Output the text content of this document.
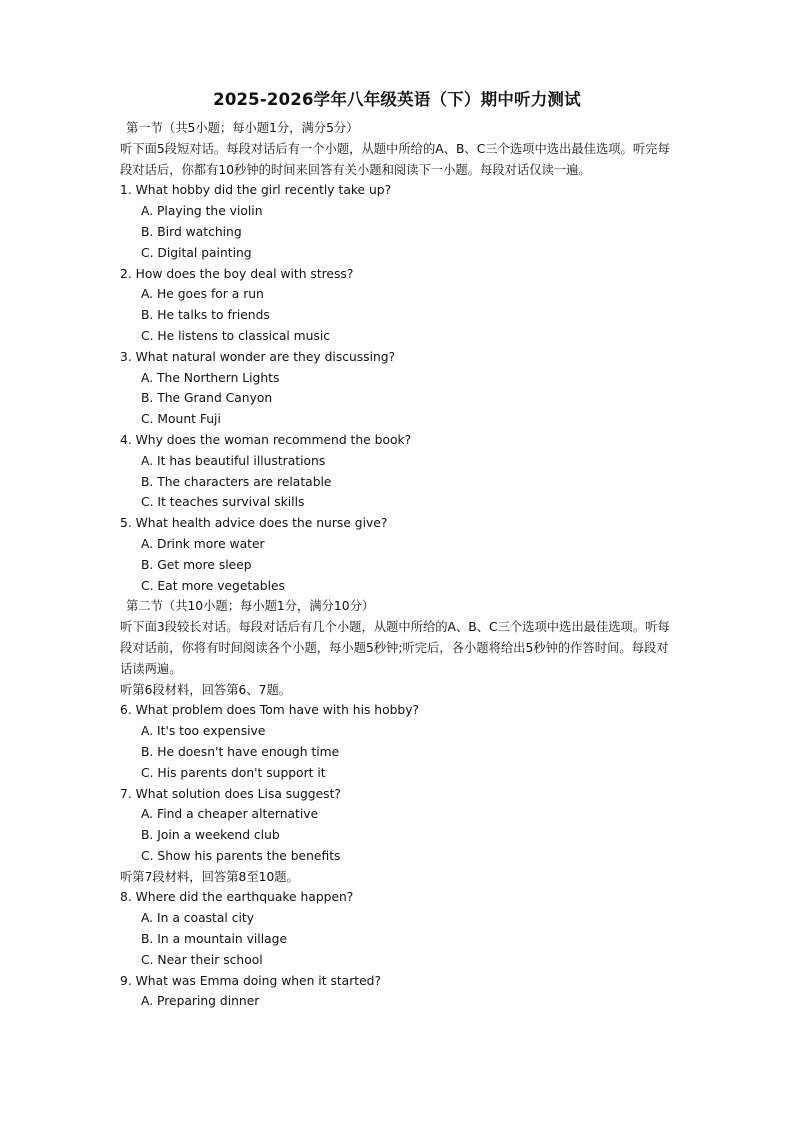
2025-2026学年八年级英语（下）期中听力测试
第一节（共5小题；每小题1分，满分5分）
听下面5段短对话。每段对话后有一个小题，从题中所给的A、B、C三个选项中选出最佳选项。听完每段对话后，你都有10秒钟的时间来回答有关小题和阅读下一小题。每段对话仅读一遍。
1. What hobby did the girl recently take up?
A. Playing the violin
B. Bird watching
C. Digital painting
2. How does the boy deal with stress?
A. He goes for a run
B. He talks to friends
C. He listens to classical music
3. What natural wonder are they discussing?
A. The Northern Lights
B. The Grand Canyon
C. Mount Fuji
4. Why does the woman recommend the book?
A. It has beautiful illustrations
B. The characters are relatable
C. It teaches survival skills
5. What health advice does the nurse give?
A. Drink more water
B. Get more sleep
C. Eat more vegetables
第二节（共10小题；每小题1分，满分10分）
听下面3段较长对话。每段对话后有几个小题，从题中所给的A、B、C三个选项中选出最佳选项。听每段对话前，你将有时间阅读各个小题，每小题5秒钟;听完后，各小题将给出5秒钟的作答时间。每段对话读两遍。
听第6段材料，回答第6、7题。
6. What problem does Tom have with his hobby?
A. It's too expensive
B. He doesn't have enough time
C. His parents don't support it
7. What solution does Lisa suggest?
A. Find a cheaper alternative
B. Join a weekend club
C. Show his parents the benefits
听第7段材料，回答第8至10题。
8. Where did the earthquake happen?
A. In a coastal city
B. In a mountain village
C. Near their school
9. What was Emma doing when it started?
A. Preparing dinner
